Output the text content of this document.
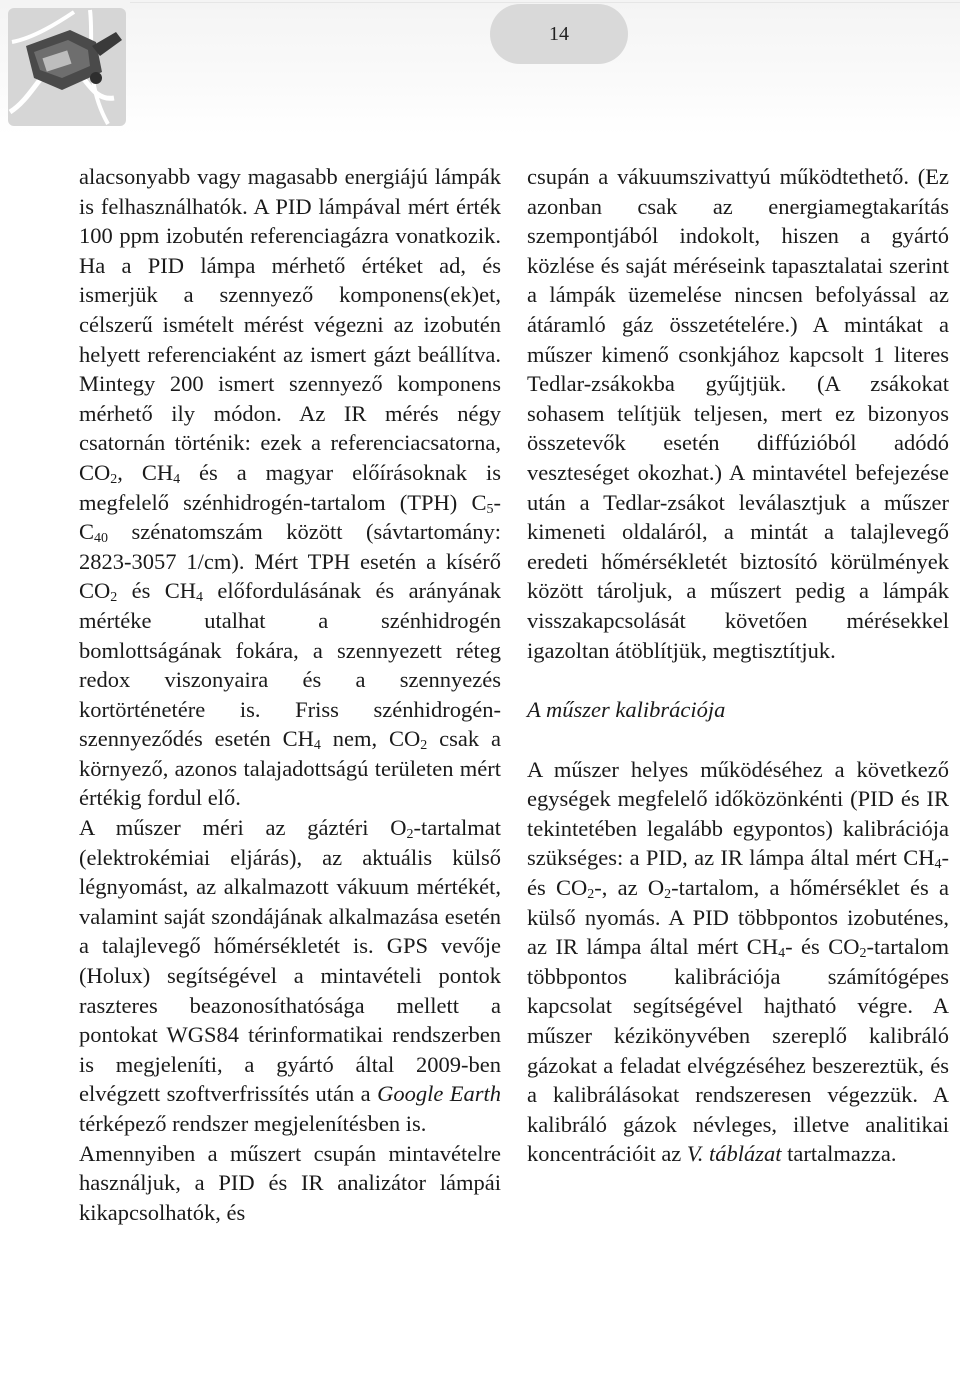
14

alacsonyabb vagy magasabb energiájú lámpák is felhasználhatók. A PID lámpával mért érték 100 ppm izobutén referenciagázra vonatkozik. Ha a PID lámpa mérhető értéket ad, és ismerjük a szennyező komponens(ek)et, célszerű ismételt mérést végezni az izobutén helyett referenciaként az ismert gázt beállítva. Mintegy 200 ismert szennyező komponens mérhető ily módon. Az IR mérés négy csatornán történik: ezek a referenciacsatorna, $CO_2$, $CH_4$ és a magyar előírásoknak is megfelelő szénhidrogén-tartalom (TPH) $C_5-C_{40}$ szénatomszám között (sávtartomány: 2823-3057 1/cm). Mért TPH esetén a kísérő $CO_2$ és $CH_4$ előfordulásának és arányának mértéke utalhat a szénhidrogén bomlottságának fokára, a szennyezett réteg redox viszonyaira és a szennyezés kortörténetére is. Friss szénhidrogén-szennyeződés esetén $CH_4$ nem, $CO_2$ csak a környező, azonos talajadottságú területen mért értékig fordul elő.

A műszer méri az gáztéri $O_2$-tartalmat (elektrokémiai eljárás), az aktuális külső légnyomást, az alkalmazott vákuum mértékét, valamint saját szondájának alkalmazása esetén a talajlevegő hőmérsékletét is. GPS vevője (Holux) segítségével a mintavételi pontok raszteres beazonosíthatósága mellett a pontokat WGS84 térinformatikai rendszerben is megjeleníti, a gyártó által 2009-ben elvégzett szoftverfrissítés után a Google Earth térképező rendszer megjelenítésben is.

Amennyiben a műszert csupán mintavételre használjuk, a PID és IR analizátor lámpái kikapcsolhatók, és

csupán a vákuumszivattyú működtethető. (Ez azonban csak az energiamegtakarítás szempontjából indokolt, hiszen a gyártó közlése és saját méréseink tapasztalatai szerint a lámpák üzemelése nincsen befolyással az átáramló gáz összetételére.) A mintákat a műszer kimenő csonkjához kapcsolt 1 literes Tedlar-zsákokba gyűjtjük. (A zsákokat sohasem telítjük teljesen, mert ez bizonyos összetevők esetén diffúzióból adódó veszteséget okozhat.) A mintavétel befejezése után a Tedlar-zsákot leválasztjuk a műszer kimeneti oldaláról, a mintát a talajlevegő eredeti hőmérsékletét biztosító körülmények között tároljuk, a műszert pedig a lámpák visszakapcsolását követően mérésekkel igazoltan átöblítjük, megtisztítjuk.

A műszer kalibrációja

A műszer helyes működéséhez a következő egységek megfelelő időközönkénti (PID és IR tekintetében legalább egypontos) kalibrációja szükséges: a PID, az IR lámpa által mért $CH_4-$ és $CO_2-$, az $O_2$-tartalom, a hőmérséklet és a külső nyomás. A PID többpontos izobuténes, az IR lámpa által mért $CH_4-$ és $CO_2$-tartalom többpontos kalibrációja számítógépes kapcsolat segítségével hajtható végre. A műszer kézikönyvében szereplő kalibráló gázokat a feladat elvégzéséhez beszereztük, és a kalibrálásokat rendszeresen végezzük. A kalibráló gázok névleges, illetve analitikai koncentrációit az V. táblázat tartalmazza.
